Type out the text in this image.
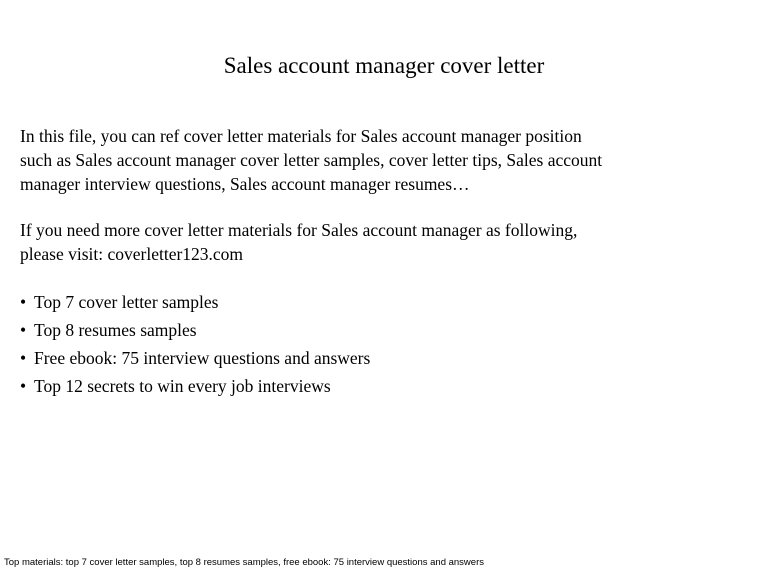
Sales account manager cover letter
In this file, you can ref cover letter materials for Sales account manager position
such as Sales account manager cover letter samples, cover letter tips, Sales account
manager interview questions, Sales account manager resumes…
If you need more cover letter materials for Sales account manager as following,
please visit: coverletter123.com
• Top 7 cover letter samples
• Top 8 resumes samples
• Free ebook: 75 interview questions and answers
• Top 12 secrets to win every job interviews
Top materials: top 7 cover letter samples, top 8 resumes samples, free ebook: 75 interview questions and answers
